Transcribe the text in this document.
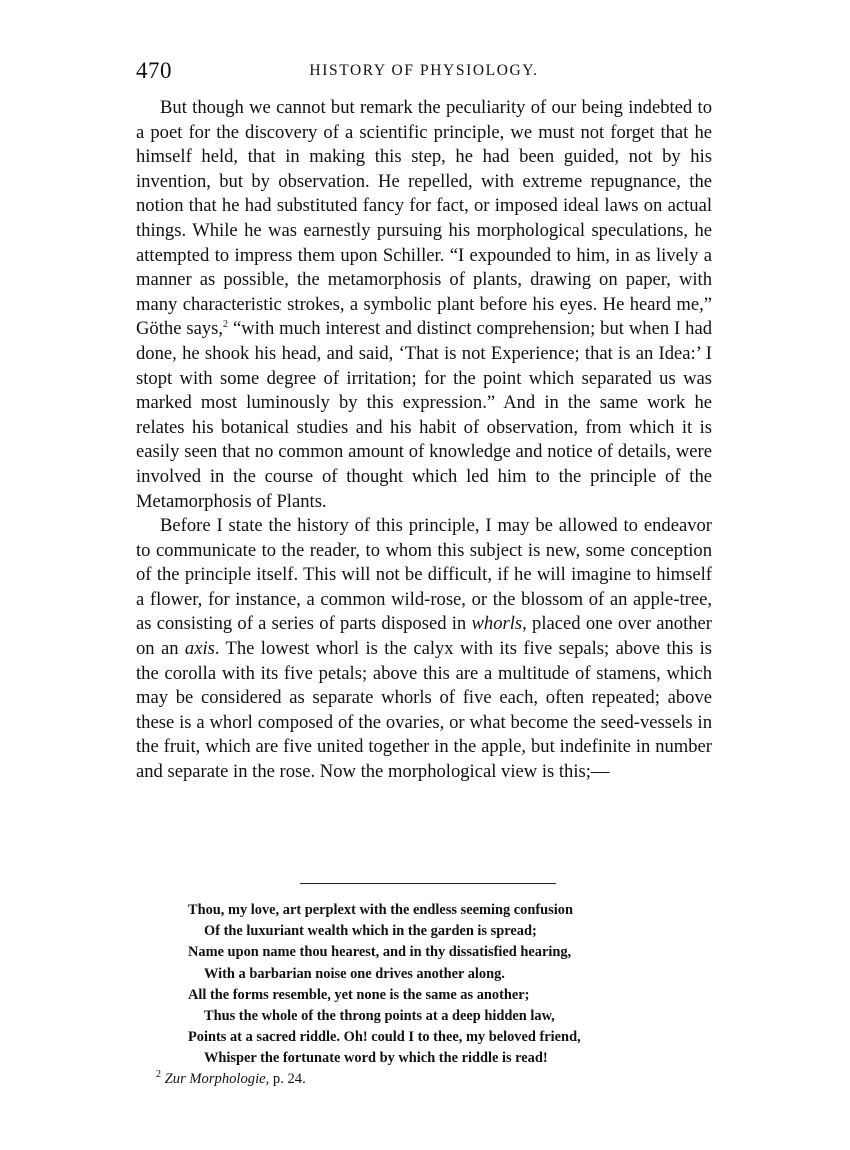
470	HISTORY OF PHYSIOLOGY.

But though we cannot but remark the peculiarity of our being indebted to a poet for the discovery of a scientific principle, we must not forget that he himself held, that in making this step, he had been guided, not by his invention, but by observation. He repelled, with extreme repugnance, the notion that he had substituted fancy for fact, or imposed ideal laws on actual things. While he was earnestly pursuing his morphological speculations, he attempted to impress them upon Schiller. “I expounded to him, in as lively a manner as possible, the metamorphosis of plants, drawing on paper, with many characteristic strokes, a symbolic plant before his eyes. He heard me,” Göthe says,$^2$ “with much interest and distinct comprehension; but when I had done, he shook his head, and said, ‘That is not Experience; that is an Idea:’ I stopt with some degree of irritation; for the point which separated us was marked most luminously by this expression.” And in the same work he relates his botanical studies and his habit of observation, from which it is easily seen that no common amount of knowledge and notice of details, were involved in the course of thought which led him to the principle of the Metamorphosis of Plants.

Before I state the history of this principle, I may be allowed to endeavor to communicate to the reader, to whom this subject is new, some conception of the principle itself. This will not be difficult, if he will imagine to himself a flower, for instance, a common wild-rose, or the blossom of an apple-tree, as consisting of a series of parts disposed in whorls, placed one over another on an axis. The lowest whorl is the calyx with its five sepals; above this is the corolla with its five petals; above this are a multitude of stamens, which may be considered as separate whorls of five each, often repeated; above these is a whorl composed of the ovaries, or what become the seed-vessels in the fruit, which are five united together in the apple, but indefinite in number and separate in the rose. Now the morphological view is this;—

Thou, my love, art perplext with the endless seeming confusion
Of the luxuriant wealth which in the garden is spread;
Name upon name thou hearest, and in thy dissatisfied hearing,
With a barbarian noise one drives another along.
All the forms resemble, yet none is the same as another;
Thus the whole of the throng points at a deep hidden law,
Points at a sacred riddle. Oh! could I to thee, my beloved friend,
Whisper the fortunate word by which the riddle is read!
$^2$ Zur Morphologie, p. 24.
